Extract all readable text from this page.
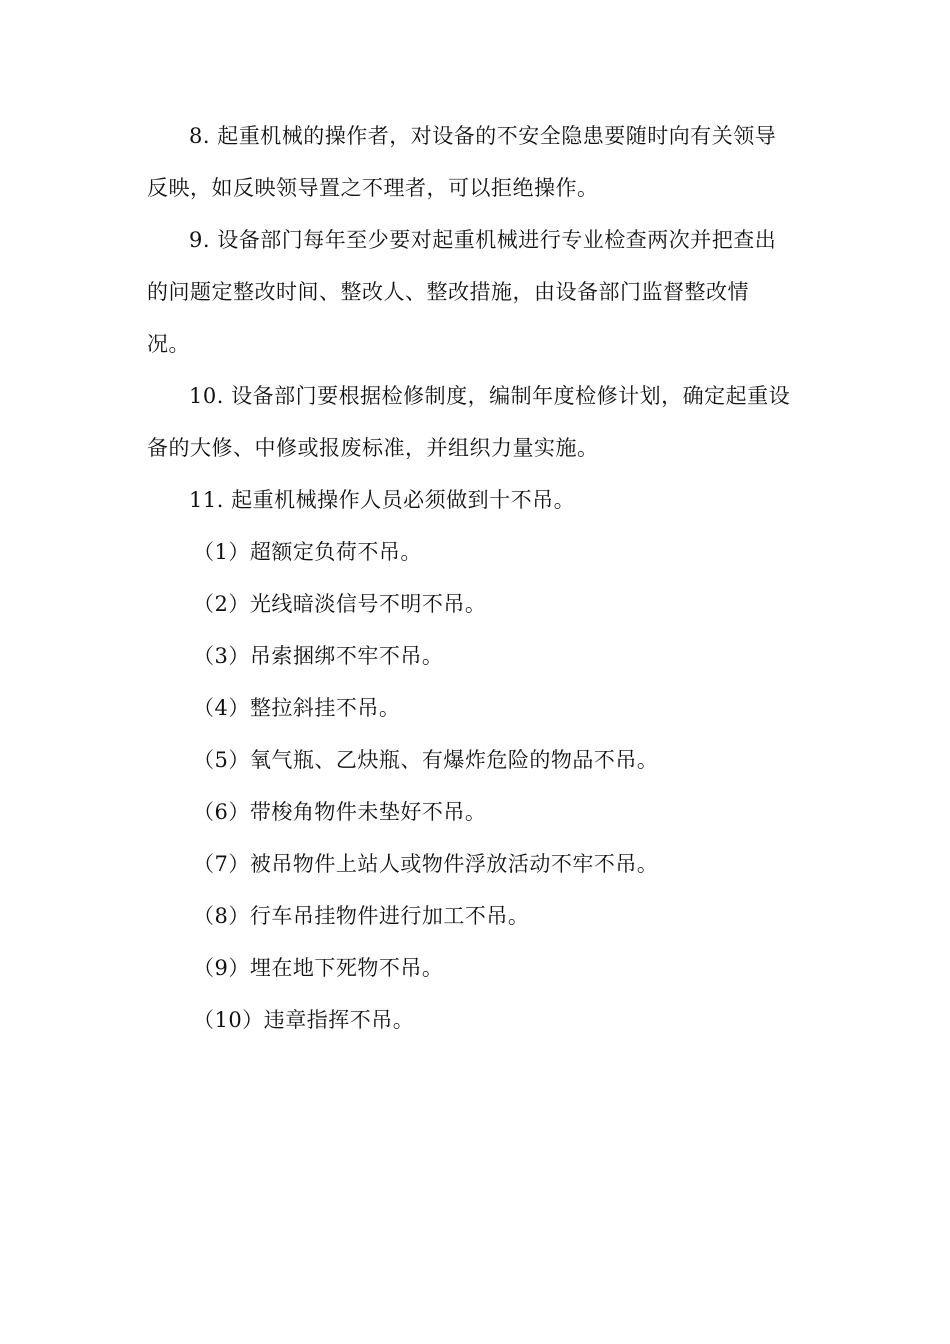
8. 起重机械的操作者，对设备的不安全隐患要随时向有关领导
反映，如反映领导置之不理者，可以拒绝操作。

9. 设备部门每年至少要对起重机械进行专业检查两次并把查出
的问题定整改时间、整改人、整改措施，由设备部门监督整改情
况。

10. 设备部门要根据检修制度，编制年度检修计划，确定起重设
备的大修、中修或报废标准，并组织力量实施。

11. 起重机械操作人员必须做到十不吊。

（1）超额定负荷不吊。

（2）光线暗淡信号不明不吊。

（3）吊索捆绑不牢不吊。

（4）整拉斜挂不吊。

（5）氧气瓶、乙炔瓶、有爆炸危险的物品不吊。

（6）带梭角物件未垫好不吊。

（7）被吊物件上站人或物件浮放活动不牢不吊。

（8）行车吊挂物件进行加工不吊。

（9）埋在地下死物不吊。

（10）违章指挥不吊。
